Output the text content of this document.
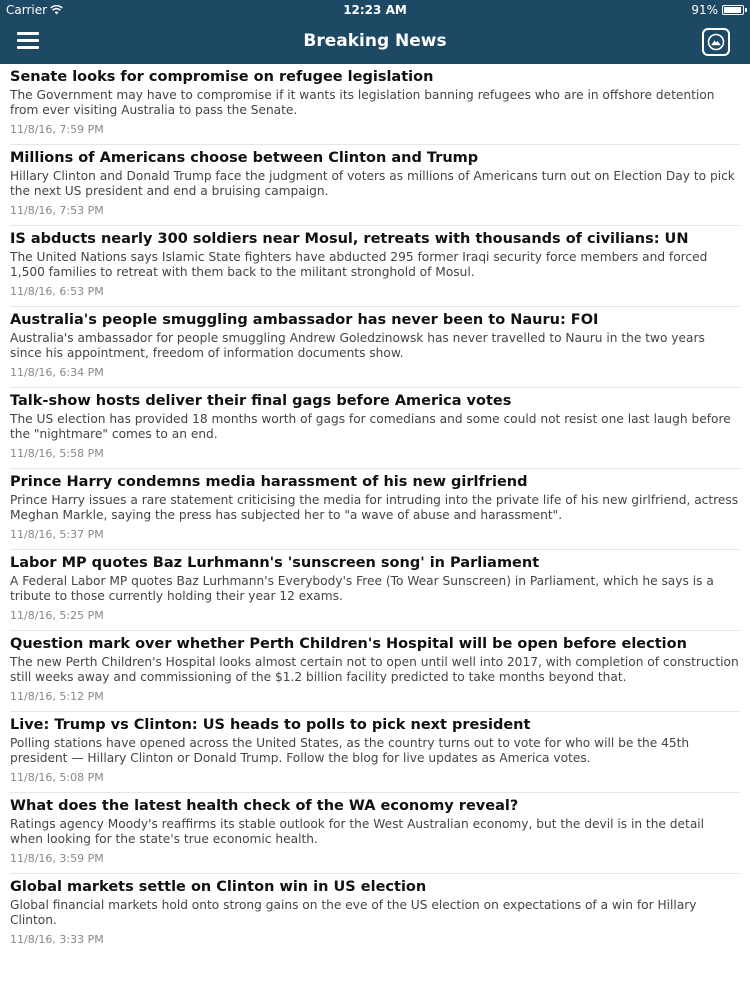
Carrier	12:23 AM	91%
Breaking News
Senate looks for compromise on refugee legislation
The Government may have to compromise if it wants its legislation banning refugees who are in offshore detention from ever visiting Australia to pass the Senate.
11/8/16, 7:59 PM
Millions of Americans choose between Clinton and Trump
Hillary Clinton and Donald Trump face the judgment of voters as millions of Americans turn out on Election Day to pick the next US president and end a bruising campaign.
11/8/16, 7:53 PM
IS abducts nearly 300 soldiers near Mosul, retreats with thousands of civilians: UN
The United Nations says Islamic State fighters have abducted 295 former Iraqi security force members and forced 1,500 families to retreat with them back to the militant stronghold of Mosul.
11/8/16, 6:53 PM
Australia's people smuggling ambassador has never been to Nauru: FOI
Australia's ambassador for people smuggling Andrew Goledzinowsk has never travelled to Nauru in the two years since his appointment, freedom of information documents show.
11/8/16, 6:34 PM
Talk-show hosts deliver their final gags before America votes
The US election has provided 18 months worth of gags for comedians and some could not resist one last laugh before the "nightmare" comes to an end.
11/8/16, 5:58 PM
Prince Harry condemns media harassment of his new girlfriend
Prince Harry issues a rare statement criticising the media for intruding into the private life of his new girlfriend, actress Meghan Markle, saying the press has subjected her to "a wave of abuse and harassment".
11/8/16, 5:37 PM
Labor MP quotes Baz Lurhmann's 'sunscreen song' in Parliament
A Federal Labor MP quotes Baz Lurhmann's Everybody's Free (To Wear Sunscreen) in Parliament, which he says is a tribute to those currently holding their year 12 exams.
11/8/16, 5:25 PM
Question mark over whether Perth Children's Hospital will be open before election
The new Perth Children's Hospital looks almost certain not to open until well into 2017, with completion of construction still weeks away and commissioning of the $1.2 billion facility predicted to take months beyond that.
11/8/16, 5:12 PM
Live: Trump vs Clinton: US heads to polls to pick next president
Polling stations have opened across the United States, as the country turns out to vote for who will be the 45th president — Hillary Clinton or Donald Trump. Follow the blog for live updates as America votes.
11/8/16, 5:08 PM
What does the latest health check of the WA economy reveal?
Ratings agency Moody's reaffirms its stable outlook for the West Australian economy, but the devil is in the detail when looking for the state's true economic health.
11/8/16, 3:59 PM
Global markets settle on Clinton win in US election
Global financial markets hold onto strong gains on the eve of the US election on expectations of a win for Hillary Clinton.
11/8/16, 3:33 PM
